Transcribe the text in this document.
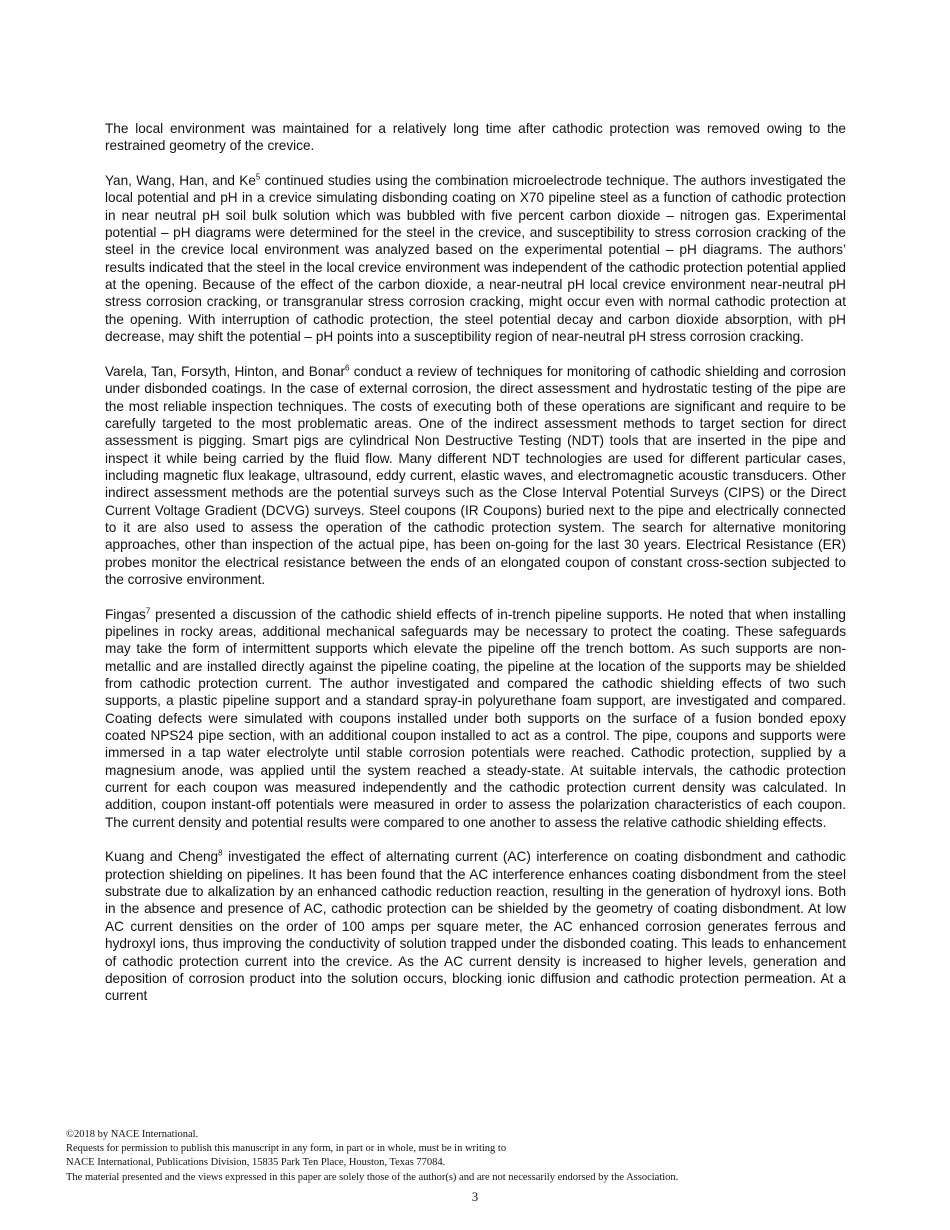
The local environment was maintained for a relatively long time after cathodic protection was removed owing to the restrained geometry of the crevice.

Yan, Wang, Han, and Ke$^5$ continued studies using the combination microelectrode technique. The authors investigated the local potential and pH in a crevice simulating disbonding coating on X70 pipeline steel as a function of cathodic protection in near neutral pH soil bulk solution which was bubbled with five percent carbon dioxide – nitrogen gas. Experimental potential – pH diagrams were determined for the steel in the crevice, and susceptibility to stress corrosion cracking of the steel in the crevice local environment was analyzed based on the experimental potential – pH diagrams. The authors’ results indicated that the steel in the local crevice environment was independent of the cathodic protection potential applied at the opening. Because of the effect of the carbon dioxide, a near-neutral pH local crevice environment near-neutral pH stress corrosion cracking, or transgranular stress corrosion cracking, might occur even with normal cathodic protection at the opening. With interruption of cathodic protection, the steel potential decay and carbon dioxide absorption, with pH decrease, may shift the potential – pH points into a susceptibility region of near-neutral pH stress corrosion cracking.

Varela, Tan, Forsyth, Hinton, and Bonar$^6$ conduct a review of techniques for monitoring of cathodic shielding and corrosion under disbonded coatings. In the case of external corrosion, the direct assessment and hydrostatic testing of the pipe are the most reliable inspection techniques. The costs of executing both of these operations are significant and require to be carefully targeted to the most problematic areas. One of the indirect assessment methods to target section for direct assessment is pigging. Smart pigs are cylindrical Non Destructive Testing (NDT) tools that are inserted in the pipe and inspect it while being carried by the fluid flow. Many different NDT technologies are used for different particular cases, including magnetic flux leakage, ultrasound, eddy current, elastic waves, and electromagnetic acoustic transducers. Other indirect assessment methods are the potential surveys such as the Close Interval Potential Surveys (CIPS) or the Direct Current Voltage Gradient (DCVG) surveys. Steel coupons (IR Coupons) buried next to the pipe and electrically connected to it are also used to assess the operation of the cathodic protection system. The search for alternative monitoring approaches, other than inspection of the actual pipe, has been on-going for the last 30 years. Electrical Resistance (ER) probes monitor the electrical resistance between the ends of an elongated coupon of constant cross-section subjected to the corrosive environment.

Fingas$^7$ presented a discussion of the cathodic shield effects of in-trench pipeline supports. He noted that when installing pipelines in rocky areas, additional mechanical safeguards may be necessary to protect the coating. These safeguards may take the form of intermittent supports which elevate the pipeline off the trench bottom. As such supports are non-metallic and are installed directly against the pipeline coating, the pipeline at the location of the supports may be shielded from cathodic protection current. The author investigated and compared the cathodic shielding effects of two such supports, a plastic pipeline support and a standard spray-in polyurethane foam support, are investigated and compared. Coating defects were simulated with coupons installed under both supports on the surface of a fusion bonded epoxy coated NPS24 pipe section, with an additional coupon installed to act as a control. The pipe, coupons and supports were immersed in a tap water electrolyte until stable corrosion potentials were reached. Cathodic protection, supplied by a magnesium anode, was applied until the system reached a steady-state. At suitable intervals, the cathodic protection current for each coupon was measured independently and the cathodic protection current density was calculated. In addition, coupon instant-off potentials were measured in order to assess the polarization characteristics of each coupon. The current density and potential results were compared to one another to assess the relative cathodic shielding effects.

Kuang and Cheng$^8$ investigated the effect of alternating current (AC) interference on coating disbondment and cathodic protection shielding on pipelines. It has been found that the AC interference enhances coating disbondment from the steel substrate due to alkalization by an enhanced cathodic reduction reaction, resulting in the generation of hydroxyl ions. Both in the absence and presence of AC, cathodic protection can be shielded by the geometry of coating disbondment. At low AC current densities on the order of 100 amps per square meter, the AC enhanced corrosion generates ferrous and hydroxyl ions, thus improving the conductivity of solution trapped under the disbonded coating. This leads to enhancement of cathodic protection current into the crevice. As the AC current density is increased to higher levels, generation and deposition of corrosion product into the solution occurs, blocking ionic diffusion and cathodic protection permeation. At a current

©2018 by NACE International.
Requests for permission to publish this manuscript in any form, in part or in whole, must be in writing to
NACE International, Publications Division, 15835 Park Ten Place, Houston, Texas 77084.
The material presented and the views expressed in this paper are solely those of the author(s) and are not necessarily endorsed by the Association.
3
